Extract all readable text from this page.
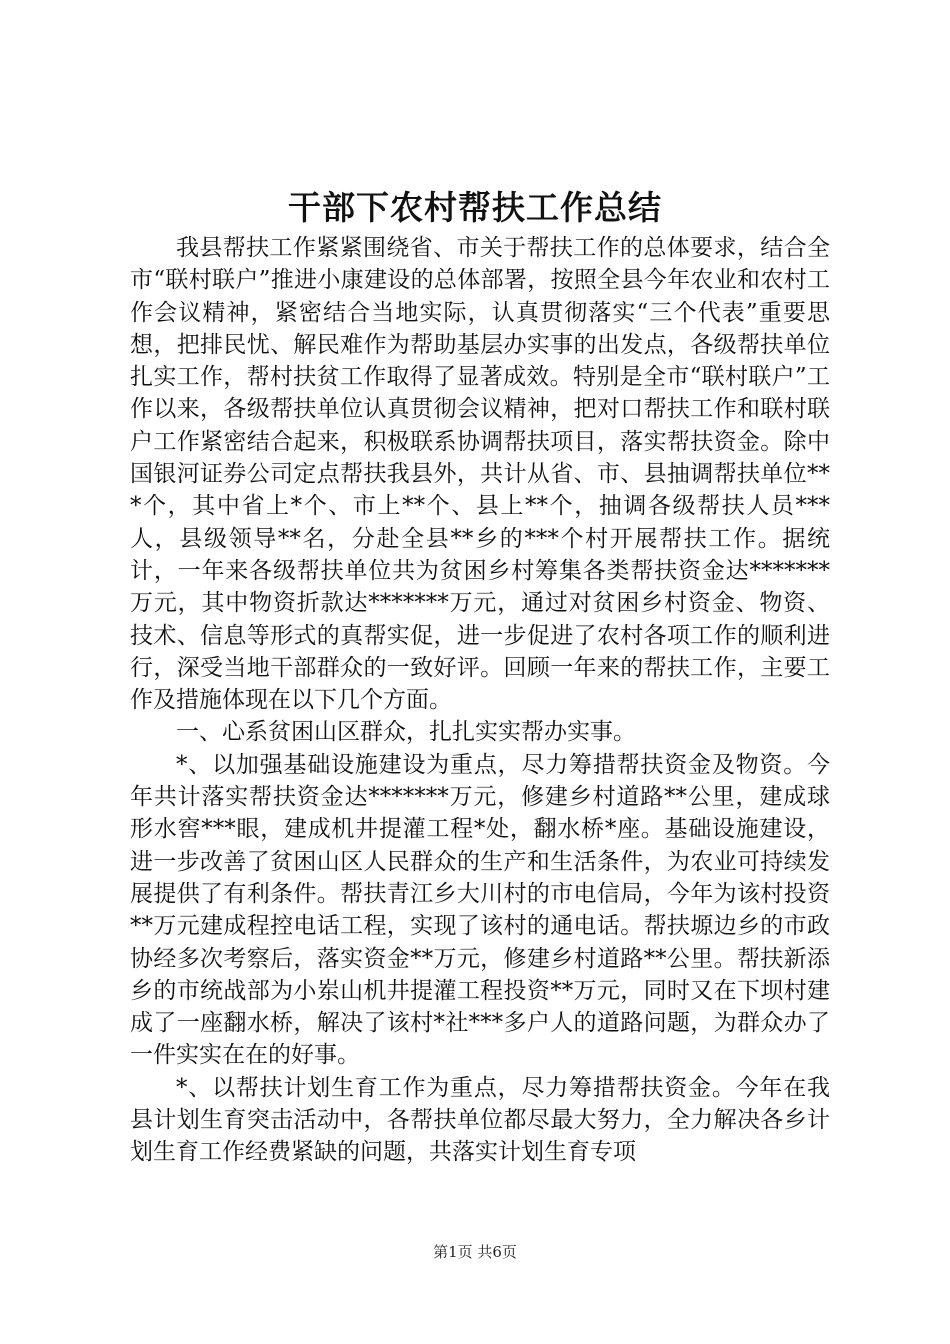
干部下农村帮扶工作总结

我县帮扶工作紧紧围绕省、市关于帮扶工作的总体要求，结合全市“联村联户”推进小康建设的总体部署，按照全县今年农业和农村工作会议精神，紧密结合当地实际，认真贯彻落实“三个代表”重要思想，把排民忧、解民难作为帮助基层办实事的出发点，各级帮扶单位扎实工作，帮村扶贫工作取得了显著成效。特别是全市“联村联户”工作以来，各级帮扶单位认真贯彻会议精神，把对口帮扶工作和联村联户工作紧密结合起来，积极联系协调帮扶项目，落实帮扶资金。除中国银河证券公司定点帮扶我县外，共计从省、市、县抽调帮扶单位***个，其中省上*个、市上**个、县上**个，抽调各级帮扶人员***人，县级领导**名，分赴全县**乡的***个村开展帮扶工作。据统计，一年来各级帮扶单位共为贫困乡村筹集各类帮扶资金达*******万元，其中物资折款达*******万元，通过对贫困乡村资金、物资、技术、信息等形式的真帮实促，进一步促进了农村各项工作的顺利进行，深受当地干部群众的一致好评。回顾一年来的帮扶工作，主要工作及措施体现在以下几个方面。

一、心系贫困山区群众，扎扎实实帮办实事。

*、以加强基础设施建设为重点，尽力筹措帮扶资金及物资。今年共计落实帮扶资金达*******万元，修建乡村道路**公里，建成球形水窖***眼，建成机井提灌工程*处，翻水桥*座。基础设施建设，进一步改善了贫困山区人民群众的生产和生活条件，为农业可持续发展提供了有利条件。帮扶青江乡大川村的市电信局，今年为该村投资**万元建成程控电话工程，实现了该村的通电话。帮扶塬边乡的市政协经多次考察后，落实资金**万元，修建乡村道路**公里。帮扶新添乡的市统战部为小岽山机井提灌工程投资**万元，同时又在下坝村建成了一座翻水桥，解决了该村*社***多户人的道路问题，为群众办了一件实实在在的好事。

*、以帮扶计划生育工作为重点，尽力筹措帮扶资金。今年在我县计划生育突击活动中，各帮扶单位都尽最大努力，全力解决各乡计划生育工作经费紧缺的问题，共落实计划生育专项

第1页 共6页
